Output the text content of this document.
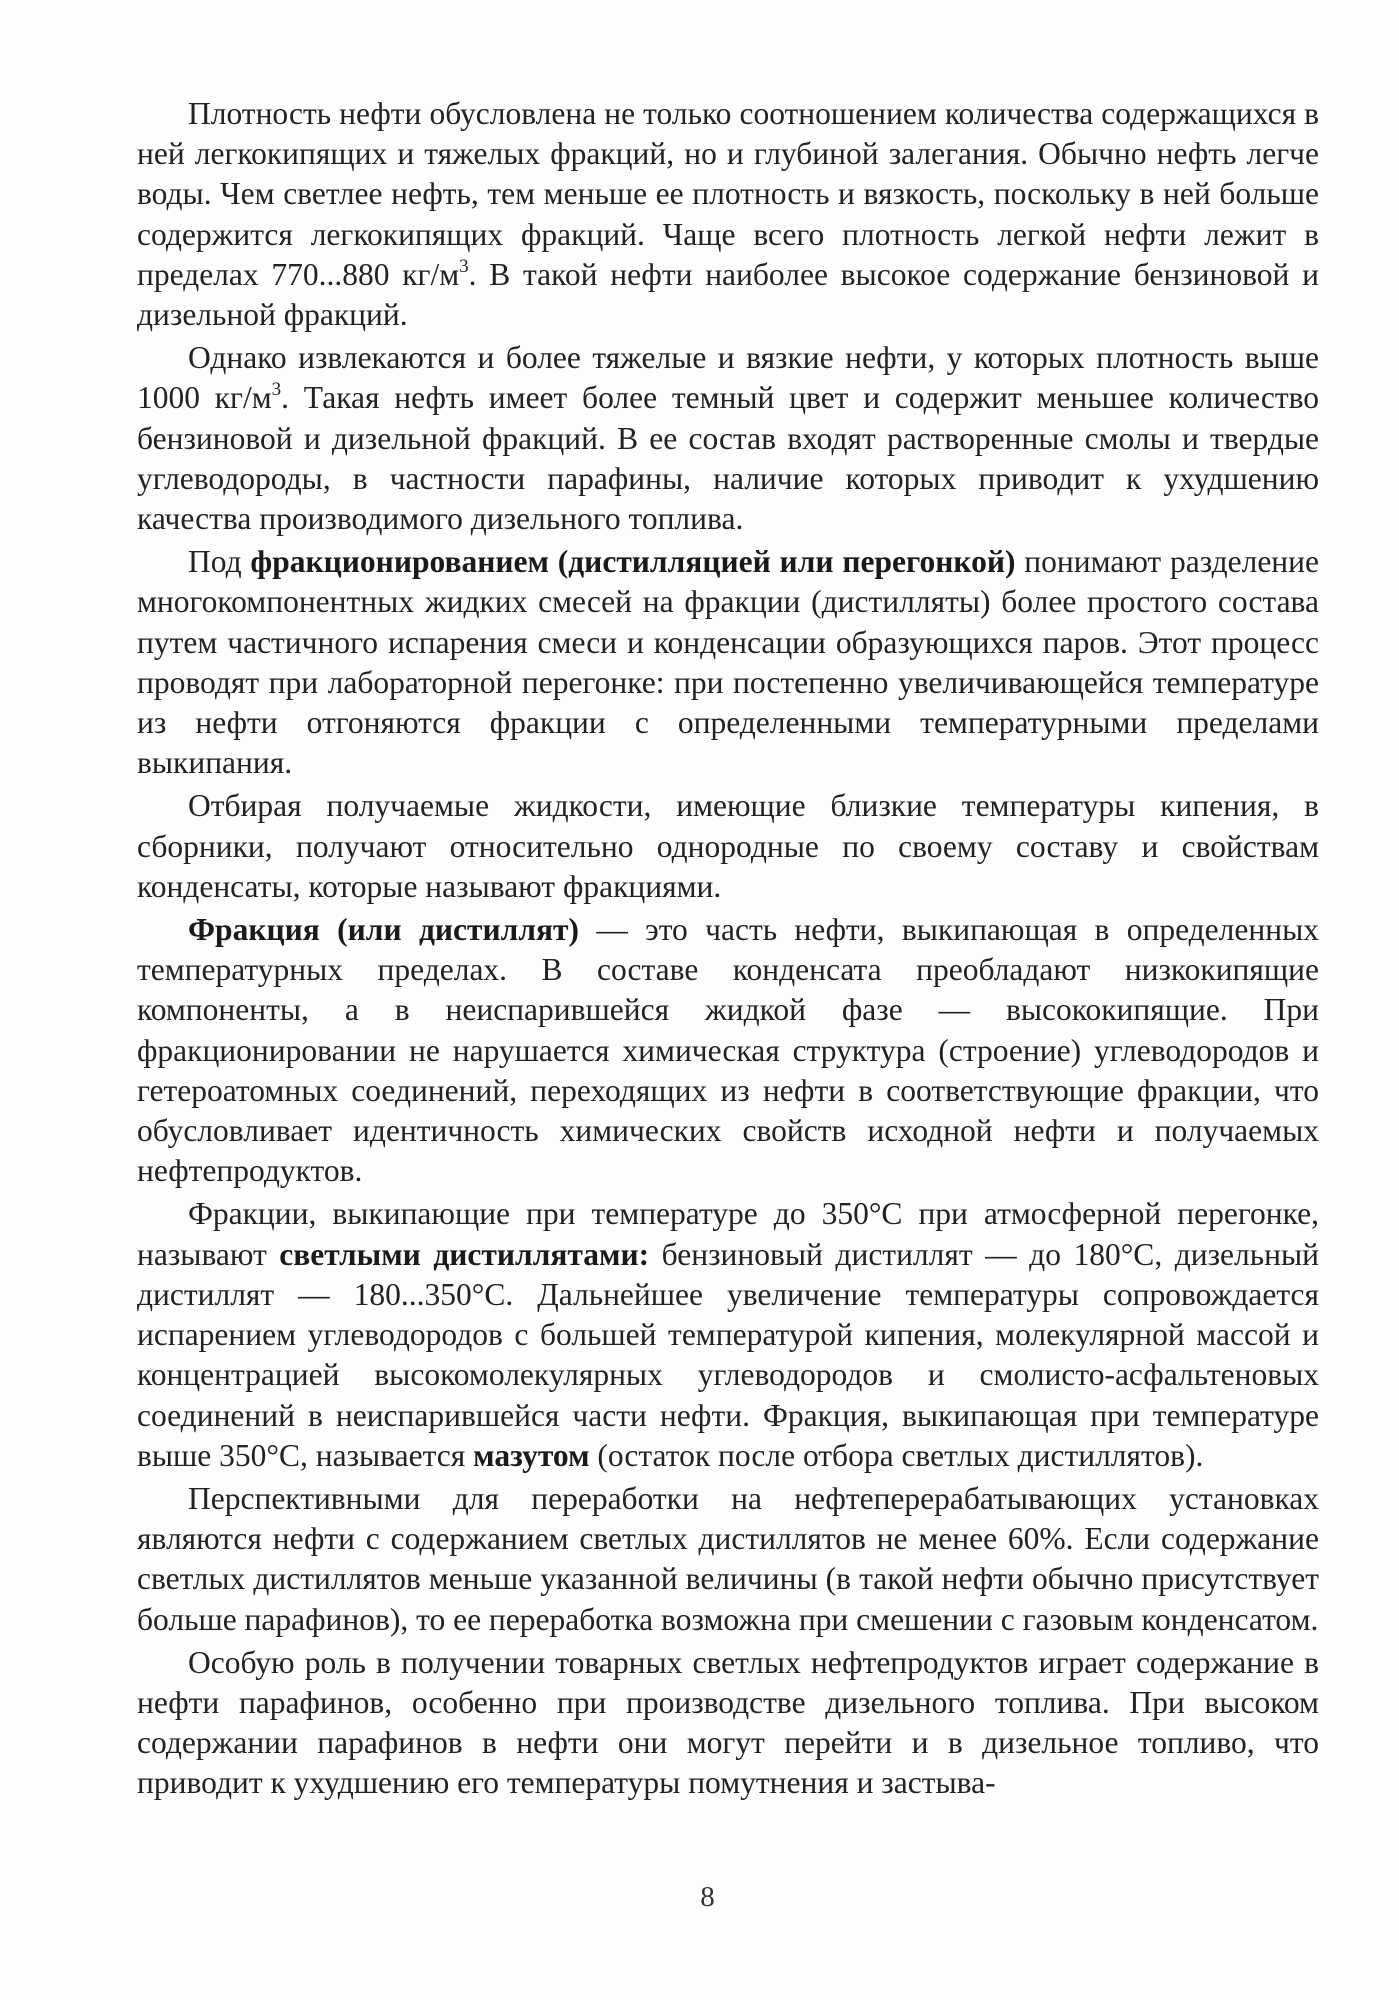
Плотность нефти обусловлена не только соотношением количества содержащихся в ней легкокипящих и тяжелых фракций, но и глубиной залегания. Обычно нефть легче воды. Чем светлее нефть, тем меньше ее плотность и вязкость, поскольку в ней больше содержится легкокипящих фракций. Чаще всего плотность легкой нефти лежит в пределах 770...880 $кг/м^3$. В такой нефти наиболее высокое содержание бензиновой и дизельной фракций.

Однако извлекаются и более тяжелые и вязкие нефти, у которых плотность выше 1000 $кг/м^3$. Такая нефть имеет более темный цвет и содержит меньшее количество бензиновой и дизельной фракций. В ее состав входят растворенные смолы и твердые углеводороды, в частности парафины, наличие которых приводит к ухудшению качества производимого дизельного топлива.

Под фракционированием (дистилляцией или перегонкой) понимают разделение многокомпонентных жидких смесей на фракции (дистилляты) более простого состава путем частичного испарения смеси и конденсации образующихся паров. Этот процесс проводят при лабораторной перегонке: при постепенно увеличивающейся температуре из нефти отгоняются фракции с определенными температурными пределами выкипания.

Отбирая получаемые жидкости, имеющие близкие температуры кипения, в сборники, получают относительно однородные по своему составу и свойствам конденсаты, которые называют фракциями.

Фракция (или дистиллят) — это часть нефти, выкипающая в определенных температурных пределах. В составе конденсата преобладают низкокипящие компоненты, а в неиспарившейся жидкой фазе — высококипящие. При фракционировании не нарушается химическая структура (строение) углеводородов и гетероатомных соединений, переходящих из нефти в соответствующие фракции, что обусловливает идентичность химических свойств исходной нефти и получаемых нефтепродуктов.

Фракции, выкипающие при температуре до 350°С при атмосферной перегонке, называют светлыми дистиллятами: бензиновый дистиллят — до 180°С, дизельный дистиллят — 180...350°С. Дальнейшее увеличение температуры сопровождается испарением углеводородов с большей температурой кипения, молекулярной массой и концентрацией высокомолекулярных углеводородов и смолисто-асфальтеновых соединений в неиспарившейся части нефти. Фракция, выкипающая при температуре выше 350°С, называется мазутом (остаток после отбора светлых дистиллятов).

Перспективными для переработки на нефтеперерабатывающих установках являются нефти с содержанием светлых дистиллятов не менее 60%. Если содержание светлых дистиллятов меньше указанной величины (в такой нефти обычно присутствует больше парафинов), то ее переработка возможна при смешении с газовым конденсатом.

Особую роль в получении товарных светлых нефтепродуктов играет содержание в нефти парафинов, особенно при производстве дизельного топлива. При высоком содержании парафинов в нефти они могут перейти и в дизельное топливо, что приводит к ухудшению его температуры помутнения и застыва-

8
